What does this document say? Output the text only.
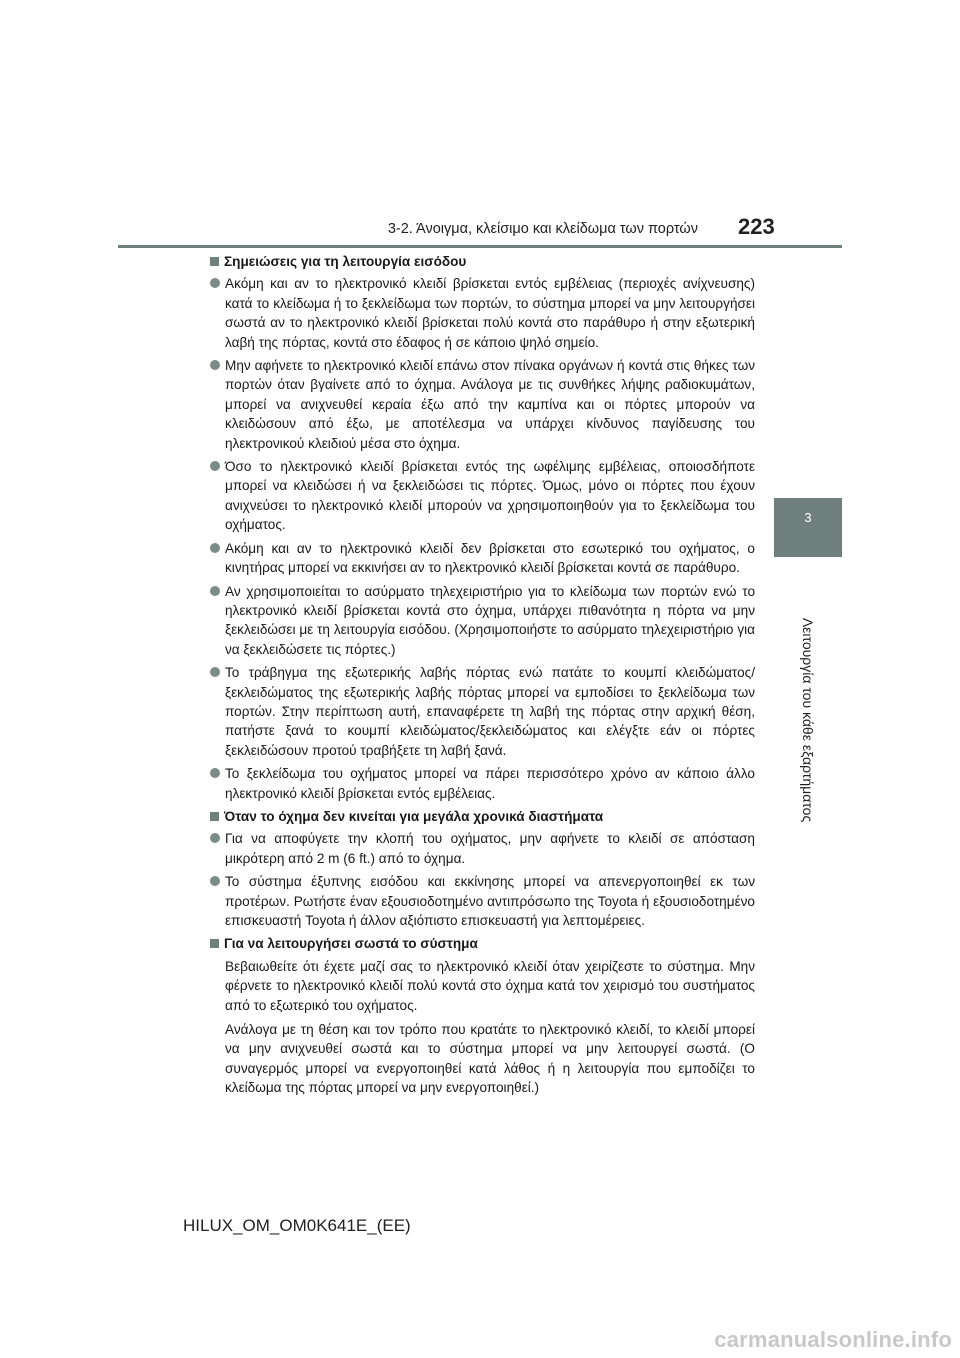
3-2. Άνοιγμα, κλείσιμο και κλείδωμα των πορτών 223
3
Λειτουργία του κάθε εξαρτήματος
Σημειώσεις για τη λειτουργία εισόδου
Ακόμη και αν το ηλεκτρονικό κλειδί βρίσκεται εντός εμβέλειας (περιοχές ανίχνευσης) κατά το κλείδωμα ή το ξεκλείδωμα των πορτών, το σύστημα μπορεί να μην λειτουργήσει σωστά αν το ηλεκτρονικό κλειδί βρίσκεται πολύ κοντά στο παράθυρο ή στην εξωτερική λαβή της πόρτας, κοντά στο έδαφος ή σε κάποιο ψηλό σημείο.
Μην αφήνετε το ηλεκτρονικό κλειδί επάνω στον πίνακα οργάνων ή κοντά στις θήκες των πορτών όταν βγαίνετε από το όχημα. Ανάλογα με τις συνθήκες λήψης ραδιοκυμάτων, μπορεί να ανιχνευθεί κεραία έξω από την καμπίνα και οι πόρτες μπορούν να κλειδώσουν από έξω, με αποτέλεσμα να υπάρχει κίνδυνος παγίδευσης του ηλεκτρονικού κλειδιού μέσα στο όχημα.
Όσο το ηλεκτρονικό κλειδί βρίσκεται εντός της ωφέλιμης εμβέλειας, οποιοσδήποτε μπορεί να κλειδώσει ή να ξεκλειδώσει τις πόρτες. Όμως, μόνο οι πόρτες που έχουν ανιχνεύσει το ηλεκτρονικό κλειδί μπορούν να χρησιμοποιηθούν για το ξεκλείδωμα του οχήματος.
Ακόμη και αν το ηλεκτρονικό κλειδί δεν βρίσκεται στο εσωτερικό του οχήματος, ο κινητήρας μπορεί να εκκινήσει αν το ηλεκτρονικό κλειδί βρίσκεται κοντά σε παράθυρο.
Αν χρησιμοποιείται το ασύρματο τηλεχειριστήριο για το κλείδωμα των πορτών ενώ το ηλεκτρονικό κλειδί βρίσκεται κοντά στο όχημα, υπάρχει πιθανότητα η πόρτα να μην ξεκλειδώσει με τη λειτουργία εισόδου. (Χρησιμοποιήστε το ασύρματο τηλεχειριστήριο για να ξεκλειδώσετε τις πόρτες.)
Το τράβηγμα της εξωτερικής λαβής πόρτας ενώ πατάτε το κουμπί κλειδώματος/ξεκλειδώματος της εξωτερικής λαβής πόρτας μπορεί να εμποδίσει το ξεκλείδωμα των πορτών. Στην περίπτωση αυτή, επαναφέρετε τη λαβή της πόρτας στην αρχική θέση, πατήστε ξανά το κουμπί κλειδώματος/ξεκλειδώματος και ελέγξτε εάν οι πόρτες ξεκλειδώσουν προτού τραβήξετε τη λαβή ξανά.
Το ξεκλείδωμα του οχήματος μπορεί να πάρει περισσότερο χρόνο αν κάποιο άλλο ηλεκτρονικό κλειδί βρίσκεται εντός εμβέλειας.
Όταν το όχημα δεν κινείται για μεγάλα χρονικά διαστήματα
Για να αποφύγετε την κλοπή του οχήματος, μην αφήνετε το κλειδί σε απόσταση μικρότερη από 2 m (6 ft.) από το όχημα.
Το σύστημα έξυπνης εισόδου και εκκίνησης μπορεί να απενεργοποιηθεί εκ των προτέρων. Ρωτήστε έναν εξουσιοδοτημένο αντιπρόσωπο της Toyota ή εξουσιοδοτημένο επισκευαστή Toyota ή άλλον αξιόπιστο επισκευαστή για λεπτομέρειες.
Για να λειτουργήσει σωστά το σύστημα
Βεβαιωθείτε ότι έχετε μαζί σας το ηλεκτρονικό κλειδί όταν χειρίζεστε το σύστημα. Μην φέρνετε το ηλεκτρονικό κλειδί πολύ κοντά στο όχημα κατά τον χειρισμό του συστήματος από το εξωτερικό του οχήματος.
Ανάλογα με τη θέση και τον τρόπο που κρατάτε το ηλεκτρονικό κλειδί, το κλειδί μπορεί να μην ανιχνευθεί σωστά και το σύστημα μπορεί να μην λειτουργεί σωστά. (Ο συναγερμός μπορεί να ενεργοποιηθεί κατά λάθος ή η λειτουργία που εμποδίζει το κλείδωμα της πόρτας μπορεί να μην ενεργοποιηθεί.)
HILUX_OM_OM0K641E_(EE)
carmanualsonline.info
